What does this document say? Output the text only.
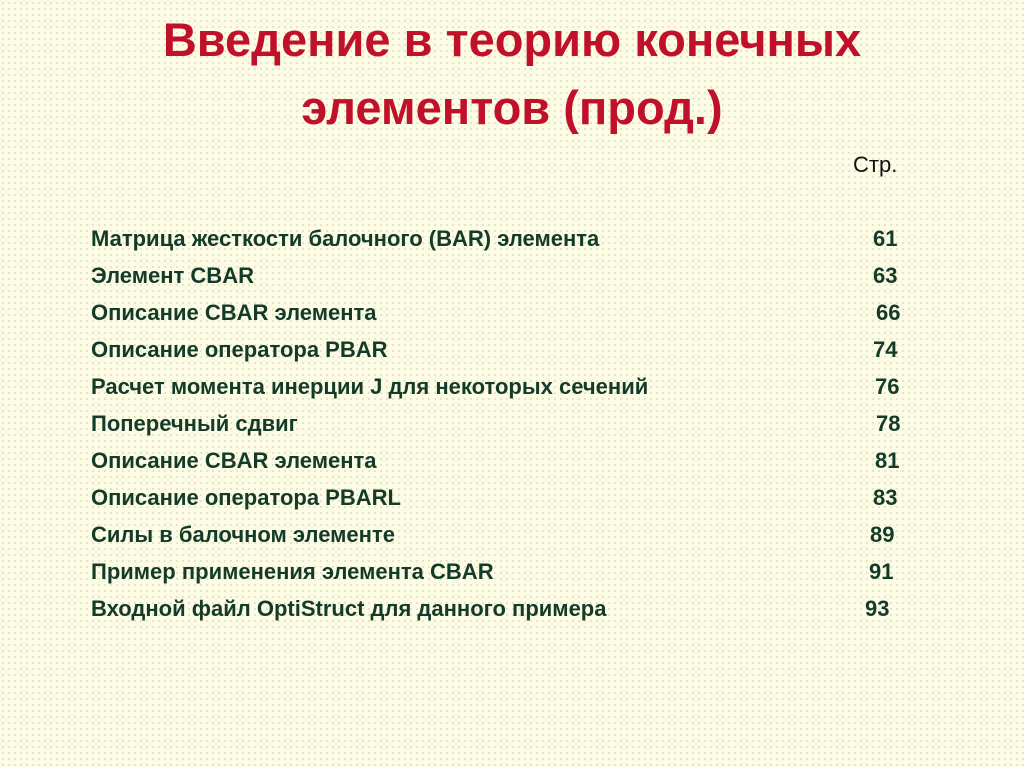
Введение в теорию конечных
элементов (прод.)
Стр.
Матрица жесткости балочного (BAR) элемента	61
Элемент CBAR	63
Описание CBAR элемента	66
Описание оператора PBAR	74
Расчет момента инерции J для некоторых сечений	76
Поперечный сдвиг	78
Описание CBAR элемента	81
Описание оператора PBARL	83
Силы в балочном элементе	89
Пример применения элемента CBAR	91
Входной файл OptiStruct для данного примера	93
